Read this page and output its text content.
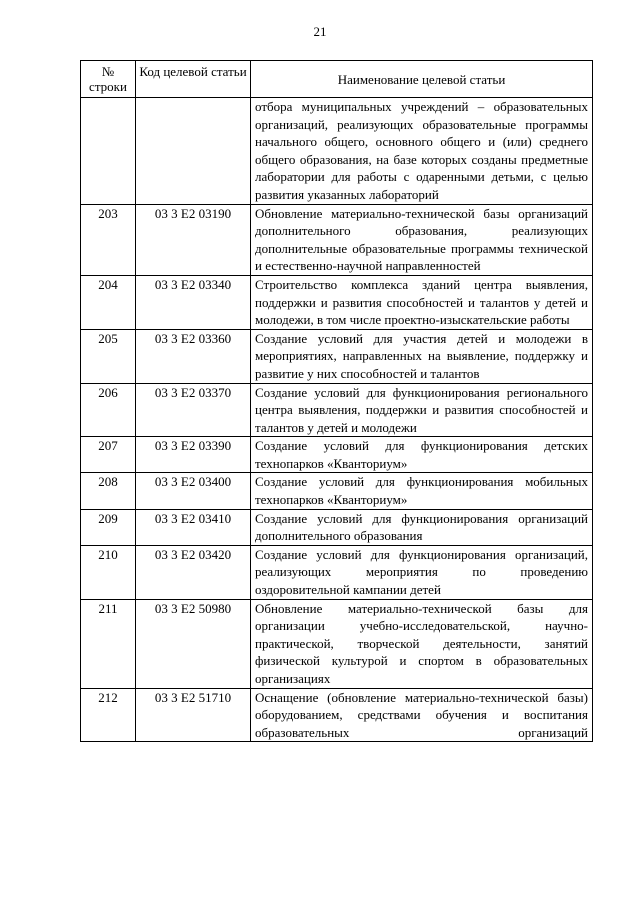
21
№ строки	Код целевой статьи	Наименование целевой статьи
		отбора муниципальных учреждений – образовательных организаций, реализующих образовательные программы начального общего, основного общего и (или) среднего общего образования, на базе которых созданы предметные лаборатории для работы с одаренными детьми, с целью развития указанных лабораторий
203	03 3 E2 03190	Обновление материально-технической базы организаций дополнительного образования, реализующих дополнительные образовательные программы технической и естественно-научной направленностей
204	03 3 E2 03340	Строительство комплекса зданий центра выявления, поддержки и развития способностей и талантов у детей и молодежи, в том числе проектно-изыскательские работы
205	03 3 E2 03360	Создание условий для участия детей и молодежи в мероприятиях, направленных на выявление, поддержку и развитие у них способностей и талантов
206	03 3 E2 03370	Создание условий для функционирования регионального центра выявления, поддержки и развития способностей и талантов у детей и молодежи
207	03 3 E2 03390	Создание условий для функционирования детских технопарков «Кванториум»
208	03 3 E2 03400	Создание условий для функционирования мобильных технопарков «Кванториум»
209	03 3 E2 03410	Создание условий для функционирования организаций дополнительного образования
210	03 3 E2 03420	Создание условий для функционирования организаций, реализующих мероприятия по проведению оздоровительной кампании детей
211	03 3 E2 50980	Обновление материально-технической базы для организации учебно-исследовательской, научно-практической, творческой деятельности, занятий физической культурой и спортом в образовательных организациях
212	03 3 E2 51710	Оснащение (обновление материально-технической базы) оборудованием, средствами обучения и воспитания образовательных организаций
